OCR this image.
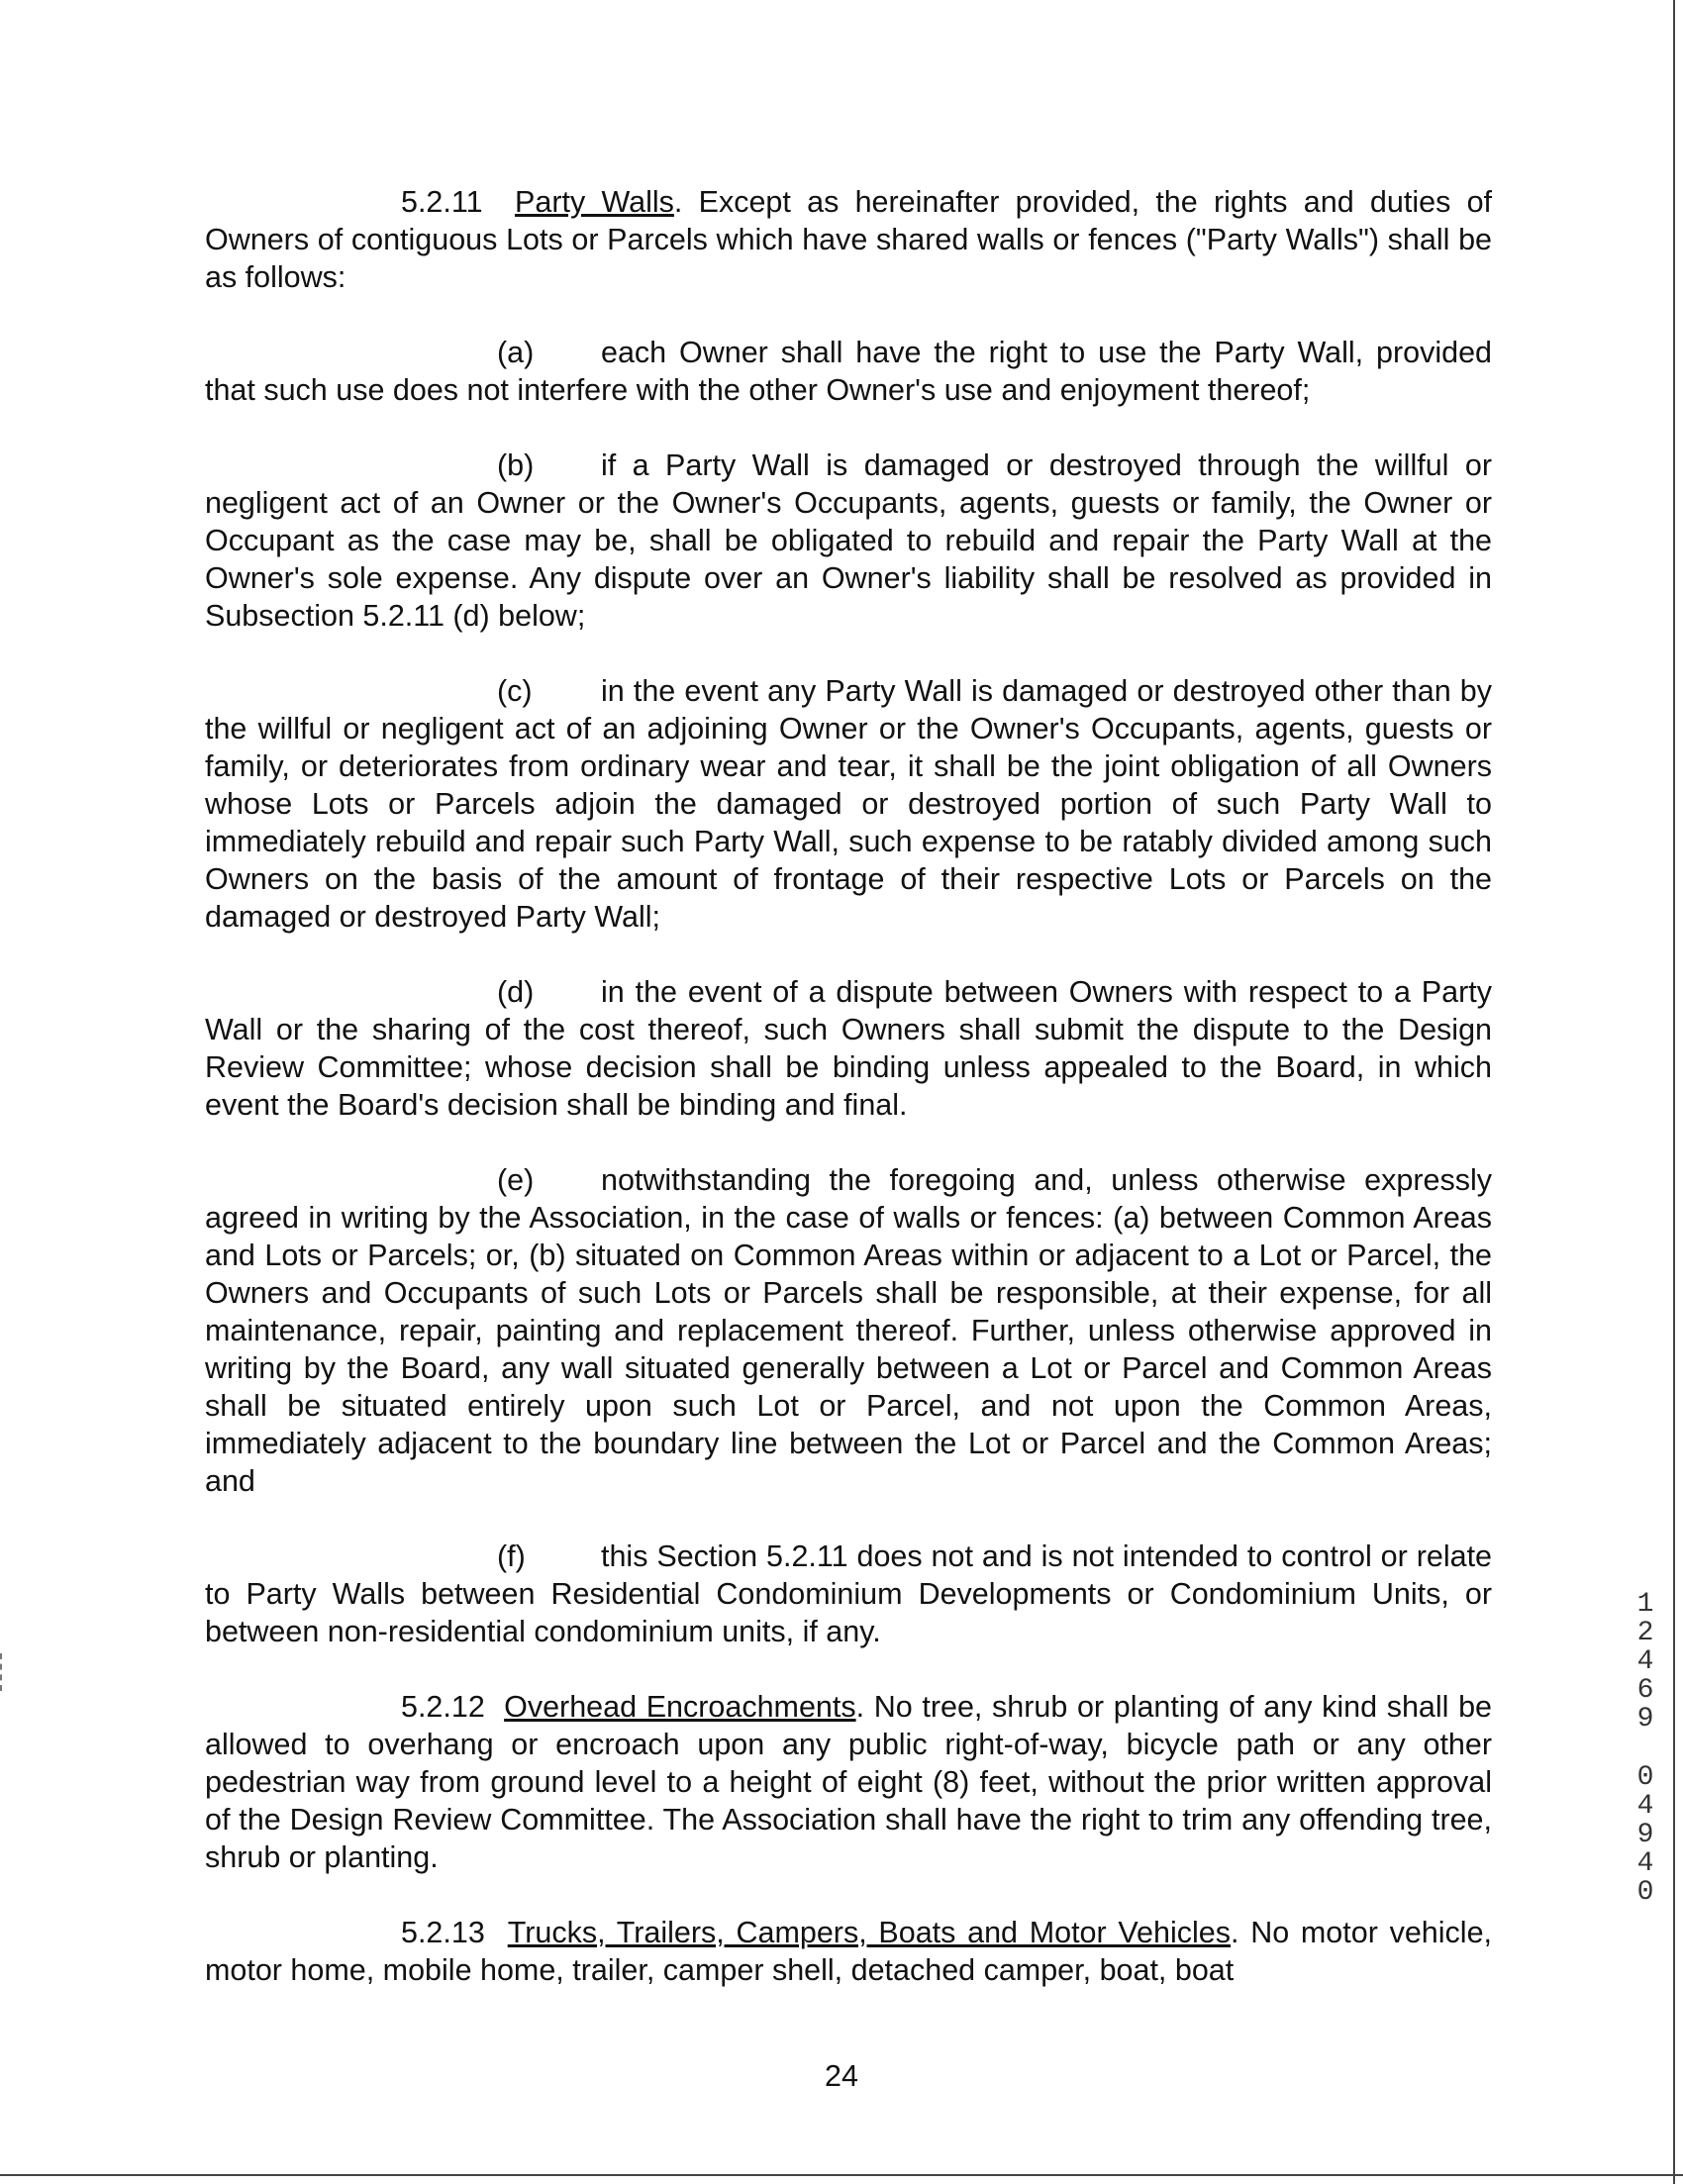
5.2.11 Party Walls. Except as hereinafter provided, the rights and duties of Owners of contiguous Lots or Parcels which have shared walls or fences ("Party Walls") shall be as follows:

(a) each Owner shall have the right to use the Party Wall, provided that such use does not interfere with the other Owner's use and enjoyment thereof;

(b) if a Party Wall is damaged or destroyed through the willful or negligent act of an Owner or the Owner's Occupants, agents, guests or family, the Owner or Occupant as the case may be, shall be obligated to rebuild and repair the Party Wall at the Owner's sole expense. Any dispute over an Owner's liability shall be resolved as provided in Subsection 5.2.11 (d) below;

(c) in the event any Party Wall is damaged or destroyed other than by the willful or negligent act of an adjoining Owner or the Owner's Occupants, agents, guests or family, or deteriorates from ordinary wear and tear, it shall be the joint obligation of all Owners whose Lots or Parcels adjoin the damaged or destroyed portion of such Party Wall to immediately rebuild and repair such Party Wall, such expense to be ratably divided among such Owners on the basis of the amount of frontage of their respective Lots or Parcels on the damaged or destroyed Party Wall;

(d) in the event of a dispute between Owners with respect to a Party Wall or the sharing of the cost thereof, such Owners shall submit the dispute to the Design Review Committee; whose decision shall be binding unless appealed to the Board, in which event the Board's decision shall be binding and final.

(e) notwithstanding the foregoing and, unless otherwise expressly agreed in writing by the Association, in the case of walls or fences: (a) between Common Areas and Lots or Parcels; or, (b) situated on Common Areas within or adjacent to a Lot or Parcel, the Owners and Occupants of such Lots or Parcels shall be responsible, at their expense, for all maintenance, repair, painting and replacement thereof. Further, unless otherwise approved in writing by the Board, any wall situated generally between a Lot or Parcel and Common Areas shall be situated entirely upon such Lot or Parcel, and not upon the Common Areas, immediately adjacent to the boundary line between the Lot or Parcel and the Common Areas; and

(f) this Section 5.2.11 does not and is not intended to control or relate to Party Walls between Residential Condominium Developments or Condominium Units, or between non-residential condominium units, if any.

5.2.12 Overhead Encroachments. No tree, shrub or planting of any kind shall be allowed to overhang or encroach upon any public right-of-way, bicycle path or any other pedestrian way from ground level to a height of eight (8) feet, without the prior written approval of the Design Review Committee. The Association shall have the right to trim any offending tree, shrub or planting.

5.2.13 Trucks, Trailers, Campers, Boats and Motor Vehicles. No motor vehicle, motor home, mobile home, trailer, camper shell, detached camper, boat, boat

24
1
2
4
6
9
0
4
9
4
0
